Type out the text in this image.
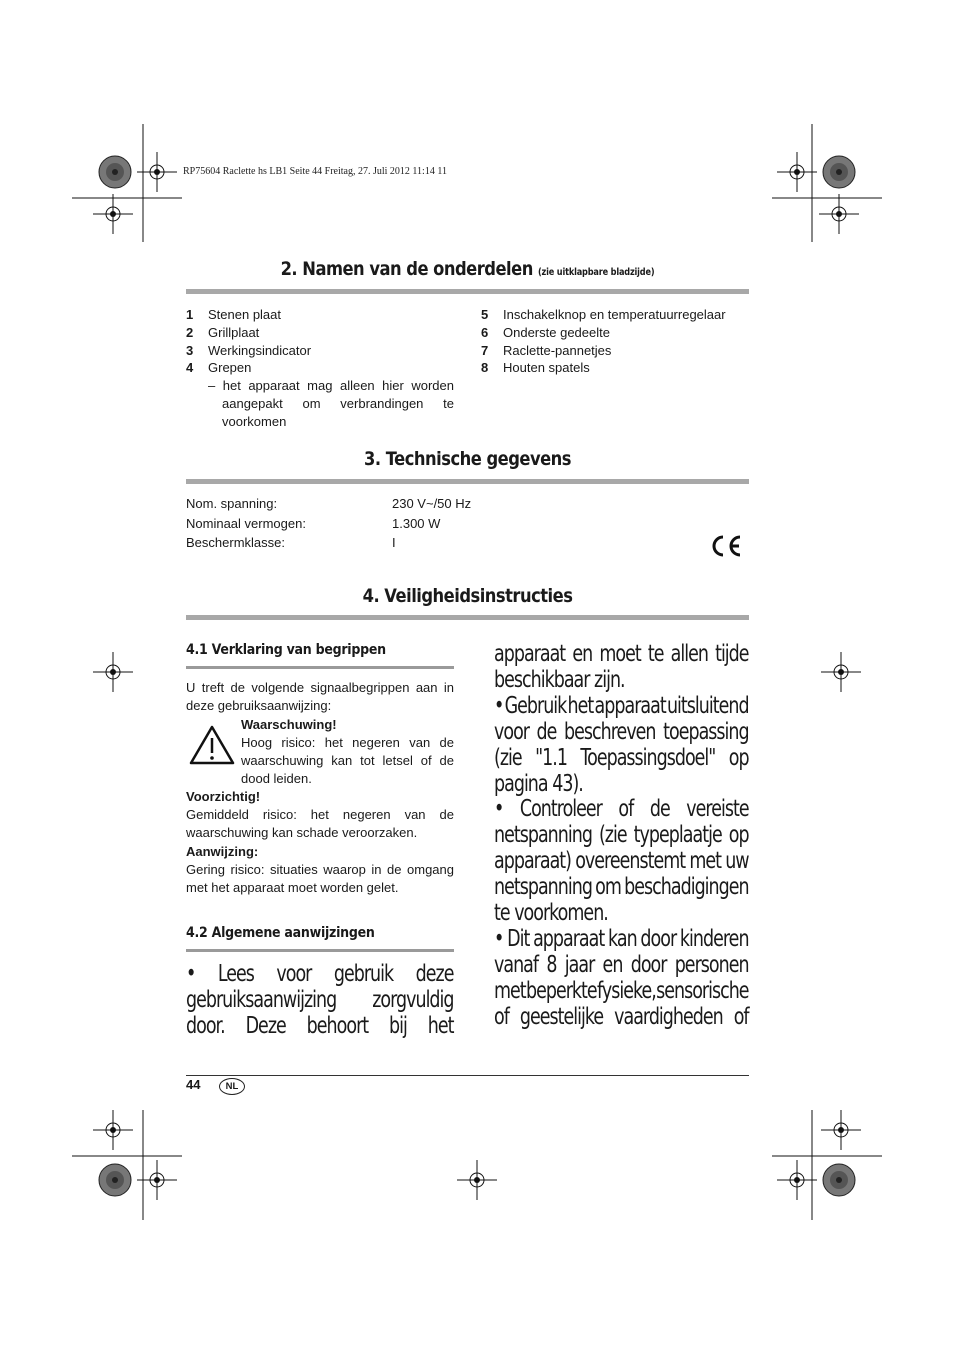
RP75604 Raclette hs LB1 Seite 44 Freitag, 27. Juli 2012 11:14 11
2. Namen van de onderdelen (zie uitklapbare bladzijde)
1	Stenen plaat
2	Grillplaat
3	Werkingsindicator
4	Grepen
– het apparaat mag alleen hier worden aangepakt om verbrandingen te voorkomen
5	Inschakelknop en temperatuurregelaar
6	Onderste gedeelte
7	Raclette-pannetjes
8	Houten spatels
3. Technische gegevens
Nom. spanning:	230 V~/50 Hz
Nominaal vermogen:	1.300 W
Beschermklasse:	I
4. Veiligheidsinstructies
4.1 Verklaring van begrippen
U treft de volgende signaalbegrippen aan in deze gebruiksaanwijzing:
Waarschuwing!
Hoog risico: het negeren van de waarschuwing kan tot letsel of de dood leiden.
Voorzichtig!
Gemiddeld risico: het negeren van de waarschuwing kan schade veroorzaken.
Aanwijzing:
Gering risico: situaties waarop in de omgang met het apparaat moet worden gelet.
4.2 Algemene aanwijzingen
• Lees voor gebruik deze
gebruiksaanwijzing zorgvuldig
door. Deze behoort bij het
apparaat en moet te allen tijde
beschikbaar zijn.
• Gebruik het apparaat uitsluitend
voor de beschreven toepassing
(zie "1.1 Toepassingsdoel" op
pagina 43).
• Controleer of de vereiste
netspanning (zie typeplaatje op
apparaat) overeenstemt met uw
netspanning om beschadigingen
te voorkomen.
• Dit apparaat kan door kinderen
vanaf 8 jaar en door personen
met beperkte fysieke, sensorische
of geestelijke vaardigheden of
44	NL
